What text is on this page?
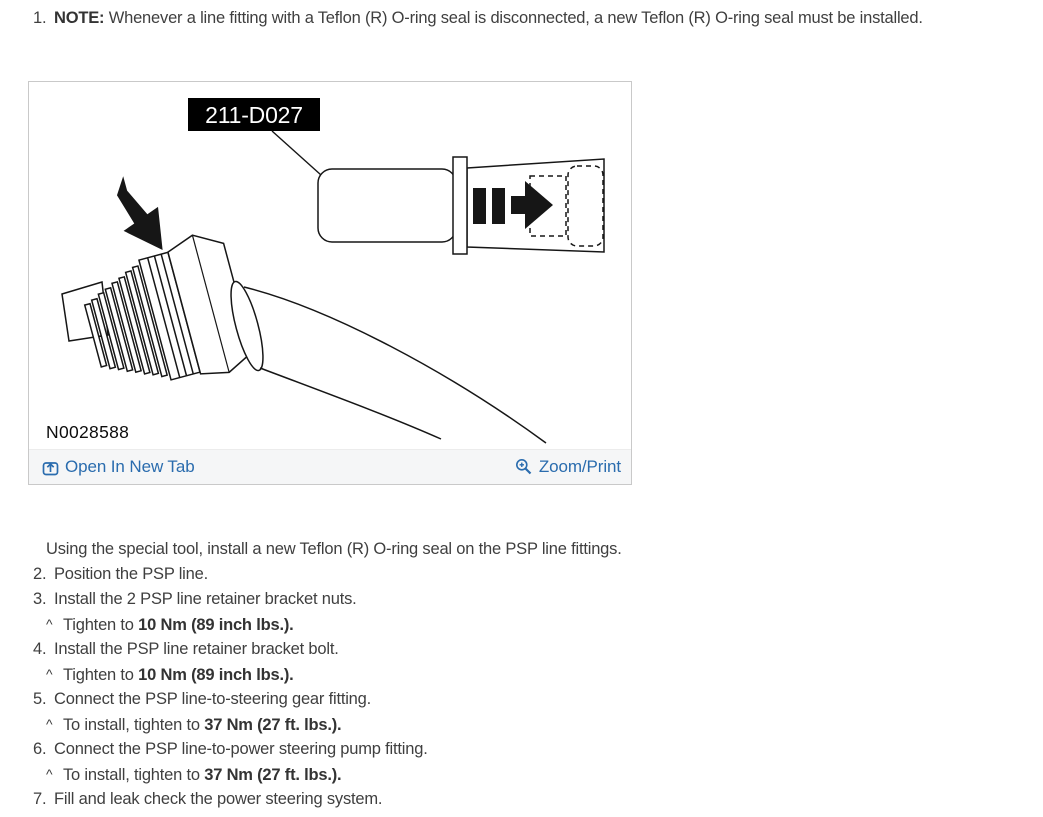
1. NOTE: Whenever a line fitting with a Teflon (R) O-ring seal is disconnected, a new Teflon (R) O-ring seal must be installed.
211-D027
N0028588
Open In New Tab	Zoom/Print
Using the special tool, install a new Teflon (R) O-ring seal on the PSP line fittings.
2. Position the PSP line.
3. Install the 2 PSP line retainer bracket nuts.
^ Tighten to 10 Nm (89 inch lbs.).
4. Install the PSP line retainer bracket bolt.
^ Tighten to 10 Nm (89 inch lbs.).
5. Connect the PSP line-to-steering gear fitting.
^ To install, tighten to 37 Nm (27 ft. lbs.).
6. Connect the PSP line-to-power steering pump fitting.
^ To install, tighten to 37 Nm (27 ft. lbs.).
7. Fill and leak check the power steering system.
